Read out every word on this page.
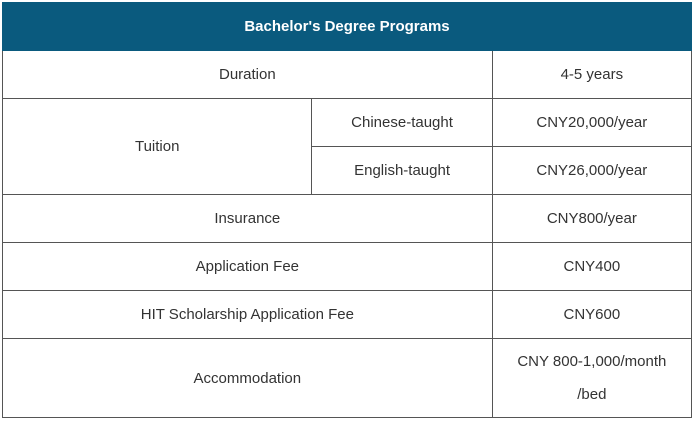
Bachelor's Degree Programs		
Duration		4-5 years
Tuition	Chinese-taught	CNY20,000/year
	English-taught	CNY26,000/year
Insurance		CNY800/year
Application Fee		CNY400
HIT Scholarship Application Fee		CNY600
Accommodation		CNY 800-1,000/month
/bed
